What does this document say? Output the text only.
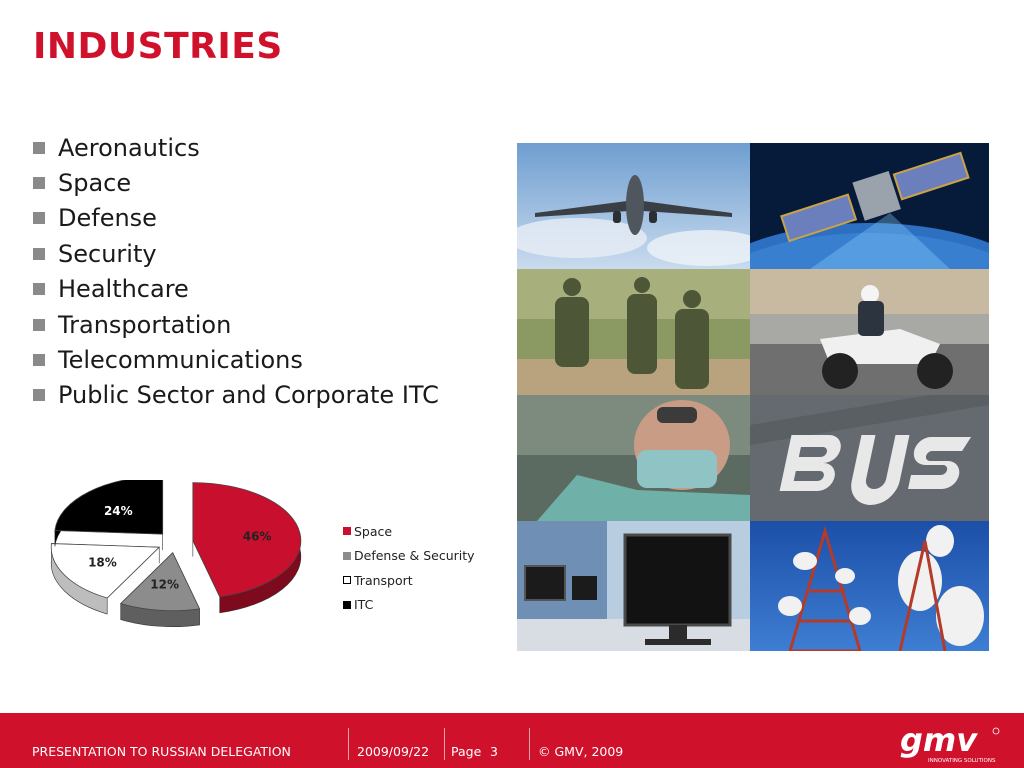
INDUSTRIES
Aeronautics
Space
Defense
Security
Healthcare
Transportation
Telecommunications
Public Sector and Corporate ITC
46%
12%
18%
24%
Space
Defense & Security
Transport
ITC
PRESENTATION TO RUSSIAN DELEGATION	2009/09/22 Page 3	© GMV, 2009	gmv
INNOVATING SOLUTIONS
